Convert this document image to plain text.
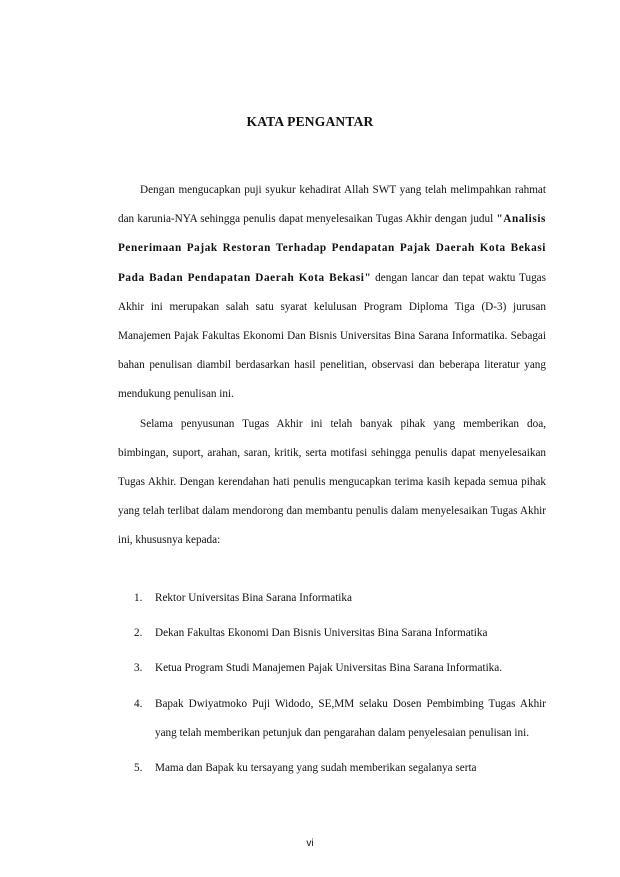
KATA PENGANTAR

Dengan mengucapkan puji syukur kehadirat Allah SWT yang telah melimpahkan rahmat dan karunia-NYA sehingga penulis dapat menyelesaikan Tugas Akhir dengan judul "Analisis Penerimaan Pajak Restoran Terhadap Pendapatan Pajak Daerah Kota Bekasi Pada Badan Pendapatan Daerah Kota Bekasi" dengan lancar dan tepat waktu Tugas Akhir ini merupakan salah satu syarat kelulusan Program Diploma Tiga (D-3) jurusan Manajemen Pajak Fakultas Ekonomi Dan Bisnis Universitas Bina Sarana Informatika. Sebagai bahan penulisan diambil berdasarkan hasil penelitian, observasi dan beberapa literatur yang mendukung penulisan ini.

Selama penyusunan Tugas Akhir ini telah banyak pihak yang memberikan doa, bimbingan, suport, arahan, saran, kritik, serta motifasi sehingga penulis dapat menyelesaikan Tugas Akhir. Dengan kerendahan hati penulis mengucapkan terima kasih kepada semua pihak yang telah terlibat dalam mendorong dan membantu penulis dalam menyelesaikan Tugas Akhir ini, khususnya kepada:

1.	Rektor Universitas Bina Sarana Informatika
2.	Dekan Fakultas Ekonomi Dan Bisnis Universitas Bina Sarana Informatika
3.	Ketua Program Studi Manajemen Pajak Universitas Bina Sarana Informatika.
4.	Bapak Dwiyatmoko Puji Widodo, SE,MM selaku Dosen Pembimbing Tugas Akhir yang telah memberikan petunjuk dan pengarahan dalam penyelesaian penulisan ini.
5.	Mama dan Bapak ku tersayang yang sudah memberikan segalanya serta
vi
